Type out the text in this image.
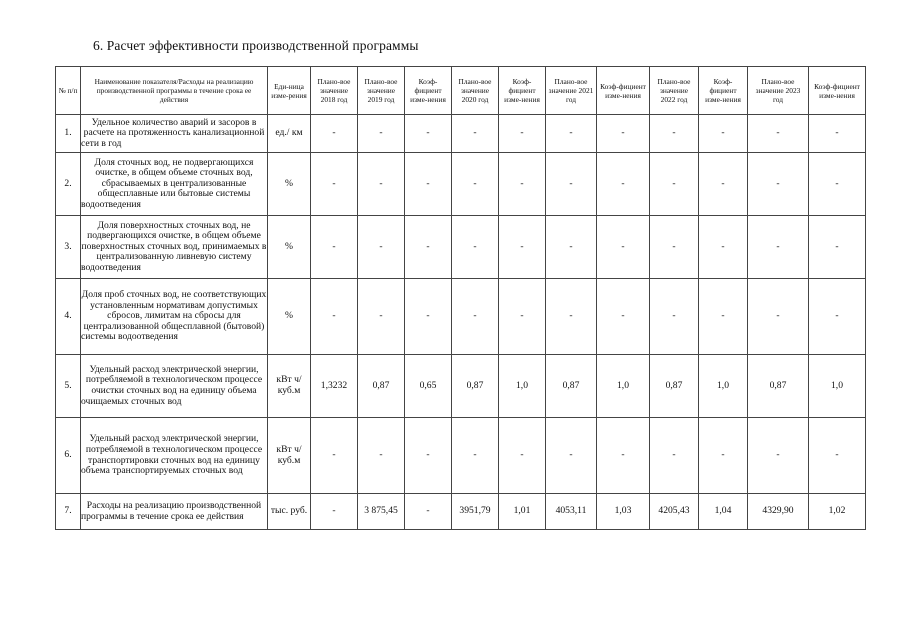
6. Расчет эффективности производственной программы
№ п/п	Наименование показателя/Расходы на реализацию производственной программы в течение срока ее действия	Еди-ница изме-рения	Плано-вое значение 2018 год	Плано-вое значение 2019 год	Коэф-фициент изме-нения	Плано-вое значение 2020 год	Коэф-фициент изме-нения	Плано-вое значение 2021 год	Коэф-фициент изме-нения	Плано-вое значение 2022 год	Коэф-фициент изме-нения	Плано-вое значение 2023 год	Коэф-фициент изме-нения
1.	Удельное количество аварий и засоров в расчете на протяженность канализационной сети в год	ед./ км	-	-	-	-	-	-	-	-	-	-	-
2.	Доля сточных вод, не подвергающихся очистке, в общем объеме сточных вод, сбрасываемых в централизованные общесплавные или бытовые системы водоотведения	%	-	-	-	-	-	-	-	-	-	-	-
3.	Доля поверхностных сточных вод, не подвергающихся очистке, в общем объеме поверхностных сточных вод, принимаемых в централизованную ливневую систему водоотведения	%	-	-	-	-	-	-	-	-	-	-	-
4.	Доля проб сточных вод, не соответствующих установленным нормативам допустимых сбросов, лимитам на сбросы для централизованной общесплавной (бытовой) системы водоотведения	%	-	-	-	-	-	-	-	-	-	-	-
5.	Удельный расход электрической энергии, потребляемой в технологическом процессе очистки сточных вод на единицу объема очищаемых сточных вод	кВт ч/куб.м	1,3232	0,87	0,65	0,87	1,0	0,87	1,0	0,87	1,0	0,87	1,0
6.	Удельный расход электрической энергии, потребляемой в технологическом процессе транспортировки сточных вод на единицу объема транспортируемых сточных вод	кВт ч/куб.м	-	-	-	-	-	-	-	-	-	-	-
7.	Расходы на реализацию производственной программы в течение срока ее действия	тыс. руб.	-	3 875,45	-	3951,79	1,01	4053,11	1,03	4205,43	1,04	4329,90	1,02
